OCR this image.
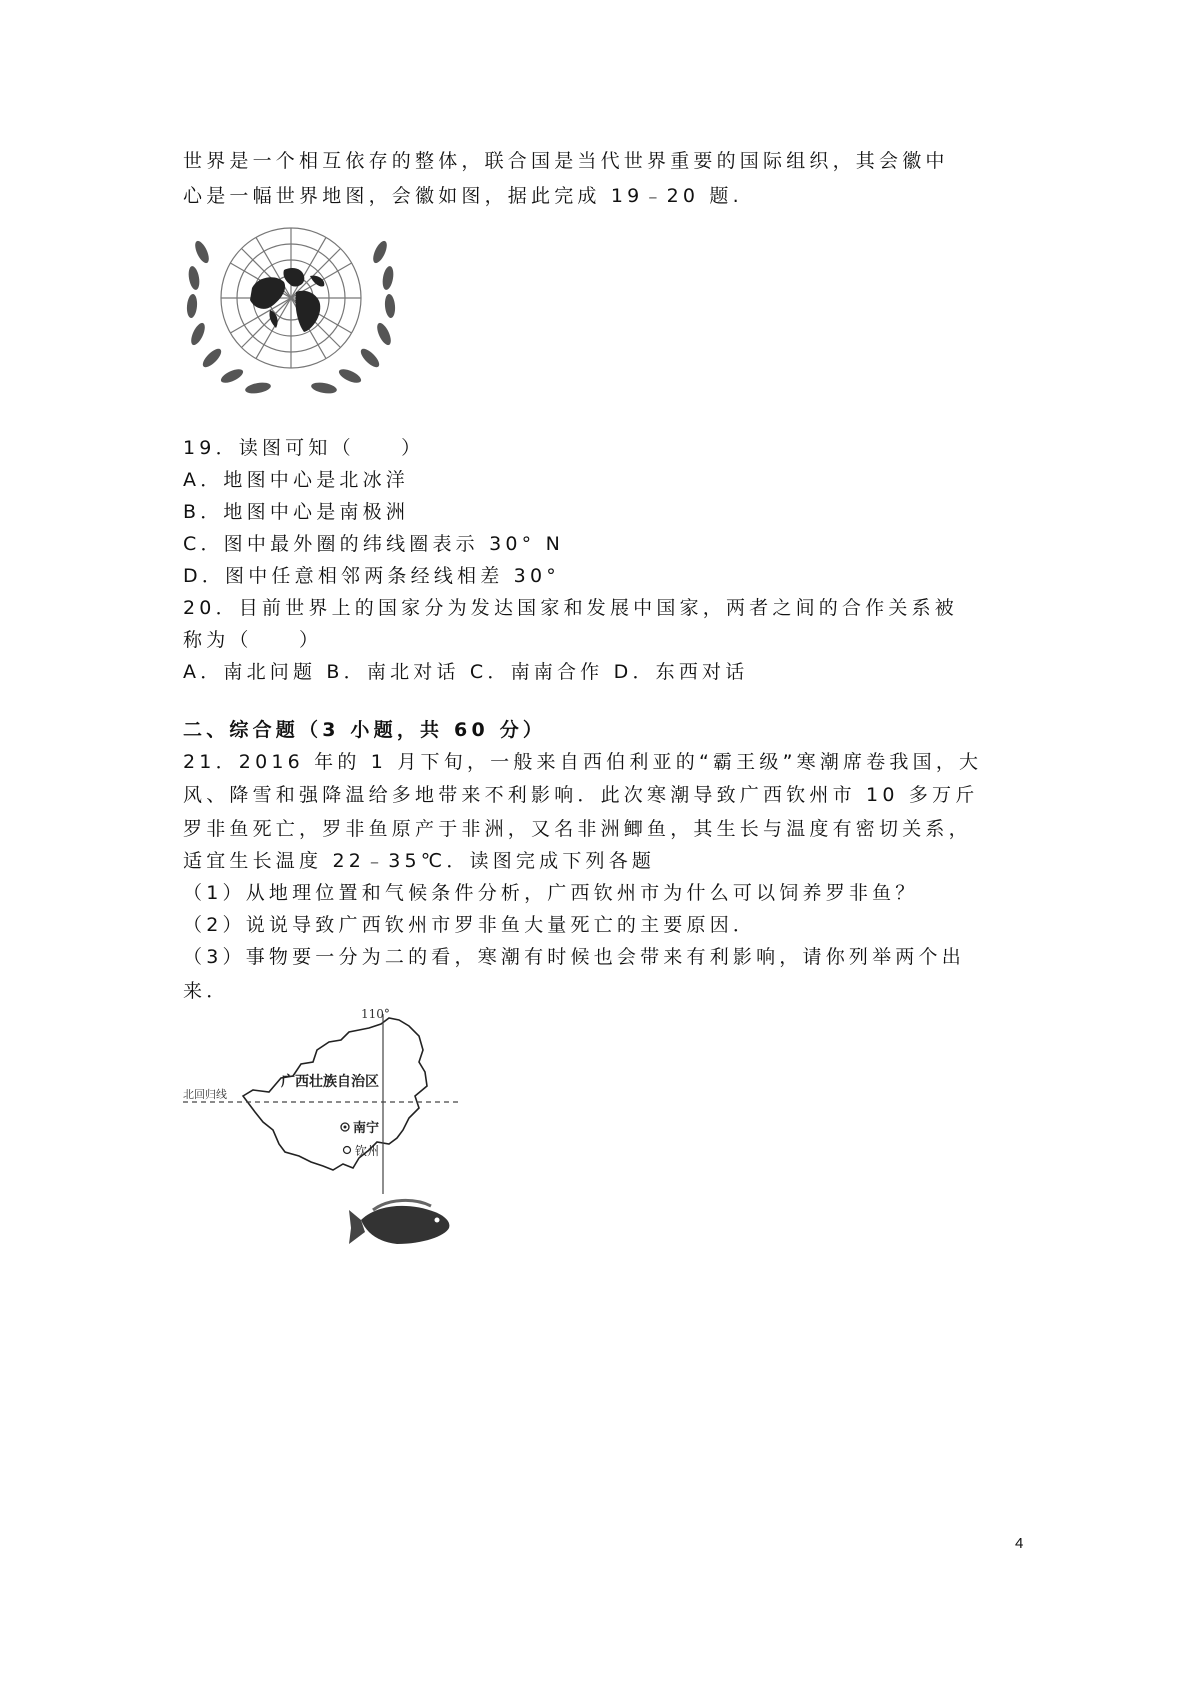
世界是一个相互依存的整体，联合国是当代世界重要的国际组织，其会徽中

心是一幅世界地图，会徽如图，据此完成 19﹣20 题.

19．读图可知（　　）

A．地图中心是北冰洋

B．地图中心是南极洲

C．图中最外圈的纬线圈表示 30° N

D．图中任意相邻两条经线相差 30°

20．目前世界上的国家分为发达国家和发展中国家，两者之间的合作关系被

称为（　　）

A．南北问题 B．南北对话 C．南南合作 D．东西对话

二、综合题（3 小题，共 60 分）

21．2016 年的 1 月下旬，一般来自西伯利亚的“霸王级”寒潮席卷我国，大

风、降雪和强降温给多地带来不利影响．此次寒潮导致广西钦州市 10 多万斤

罗非鱼死亡，罗非鱼原产于非洲，又名非洲鲫鱼，其生长与温度有密切关系，

适宜生长温度 22﹣35℃．读图完成下列各题

（1）从地理位置和气候条件分析，广西钦州市为什么可以饲养罗非鱼？

（2）说说导致广西钦州市罗非鱼大量死亡的主要原因．

（3）事物要一分为二的看，寒潮有时候也会带来有利影响，请你列举两个出

来．

110°
广西壮族自治区
北回归线
南宁
钦州
4
